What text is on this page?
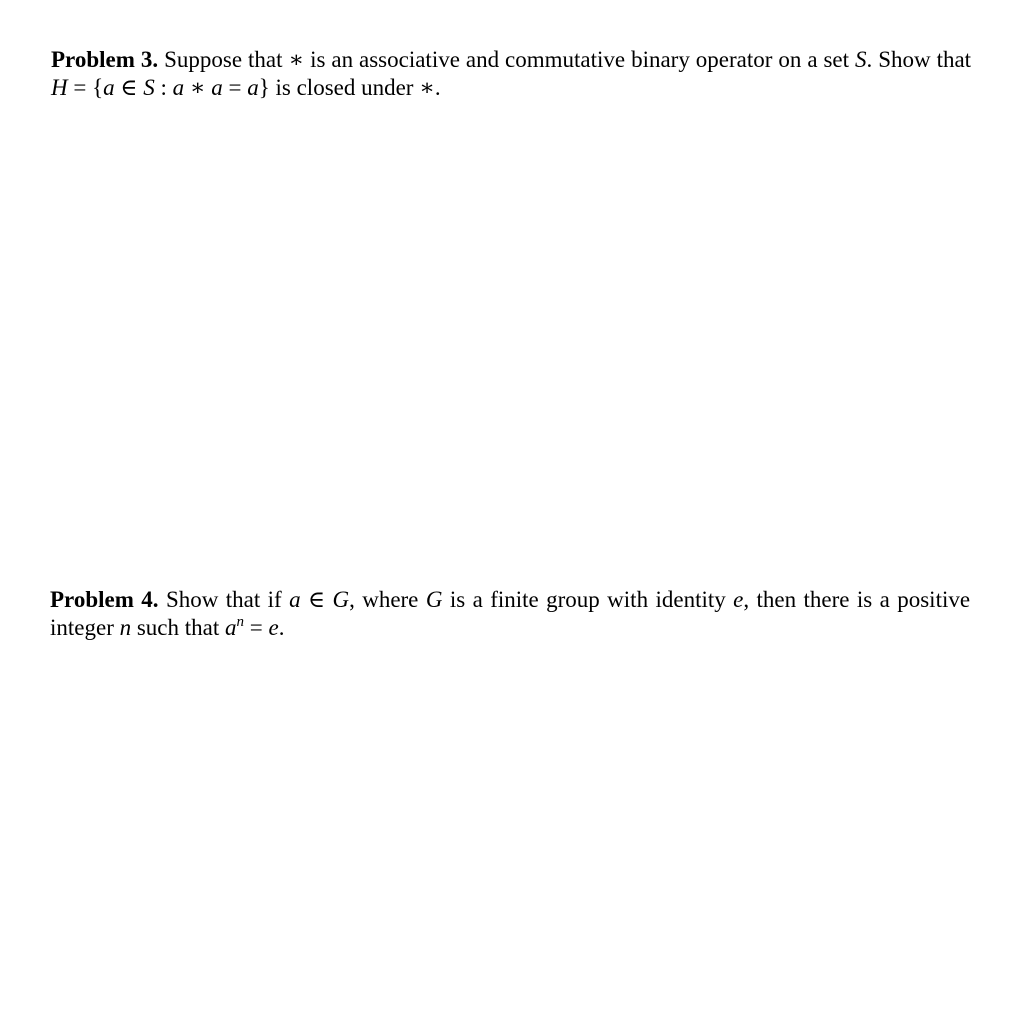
Problem 3. Suppose that ∗ is an associative and commutative binary operator on a set S. Show that H = {a ∈ S : a ∗ a = a} is closed under ∗.
Problem 4. Show that if a ∈ G, where G is a finite group with identity e, then there is a positive integer n such that $a^n = e$.
